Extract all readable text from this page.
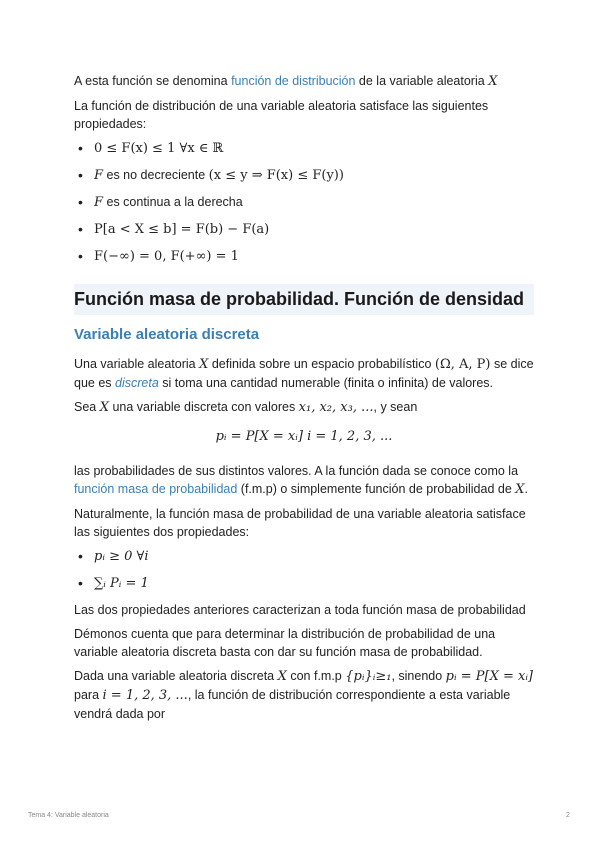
A esta función se denomina función de distribución de la variable aleatoria X

La función de distribución de una variable aleatoria satisface las siguientes propiedades:

• 0 ≤ F(x) ≤ 1 ∀x ∈ ℝ
• F es no decreciente (x ≤ y ⇒ F(x) ≤ F(y))
• F es continua a la derecha
• P[a < X ≤ b] = F(b) − F(a)
• F(−∞) = 0, F(+∞) = 1
Función masa de probabilidad. Función de densidad
Variable aleatoria discreta

Una variable aleatoria X definida sobre un espacio probabilístico (Ω, A, P) se dice que es discreta si toma una cantidad numerable (finita o infinita) de valores.

Sea X una variable discreta con valores x₁, x₂, x₃, ..., y sean

pᵢ = P[X = xᵢ] i = 1, 2, 3, ...

las probabilidades de sus distintos valores. A la función dada se conoce como la función masa de probabilidad (f.m.p) o simplemente función de probabilidad de X.

Naturalmente, la función masa de probabilidad de una variable aleatoria satisface las siguientes dos propiedades:

• pᵢ ≥ 0 ∀i
• ∑ᵢ Pᵢ = 1

Las dos propiedades anteriores caracterizan a toda función masa de probabilidad

Démonos cuenta que para determinar la distribución de probabilidad de una variable aleatoria discreta basta con dar su función masa de probabilidad.

Dada una variable aleatoria discreta X con f.m.p {pᵢ}ᵢ≥₁, sinendo pᵢ = P[X = xᵢ] para i = 1, 2, 3, ..., la función de distribución correspondiente a esta variable vendrá dada por

Tema 4: Variable aleatoria	2
